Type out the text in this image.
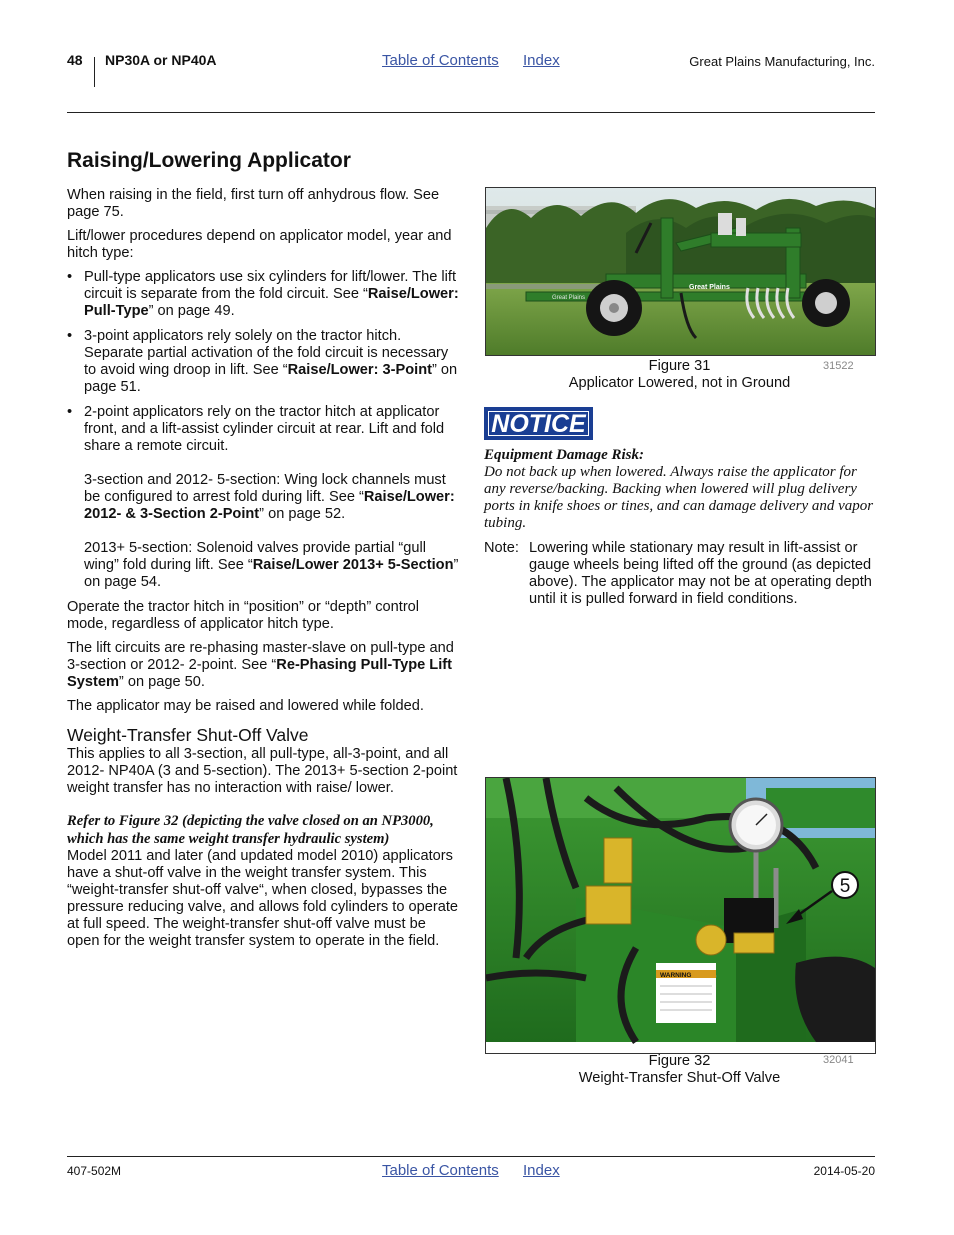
48 NP30A or NP40A	Table of Contents Index	Great Plains Manufacturing, Inc.
Raising/Lowering Applicator

When raising in the field, first turn off anhydrous flow. See page 75.

Lift/lower procedures depend on applicator model, year and hitch type:

• Pull-type applicators use six cylinders for lift/lower. The lift circuit is separate from the fold circuit. See “Raise/Lower: Pull-Type” on page 49.
• 3-point applicators rely solely on the tractor hitch. Separate partial activation of the fold circuit is necessary to avoid wing droop in lift. See “Raise/Lower: 3-Point” on page 51.
• 2-point applicators rely on the tractor hitch at applicator front, and a lift-assist cylinder circuit at rear. Lift and fold share a remote circuit.

3-section and 2012- 5-section: Wing lock channels must be configured to arrest fold during lift. See “Raise/Lower: 2012- & 3-Section 2-Point” on page 52.

2013+ 5-section: Solenoid valves provide partial “gull wing” fold during lift. See “Raise/Lower 2013+ 5-Section” on page 54.

Operate the tractor hitch in “position” or “depth” control mode, regardless of applicator hitch type.

The lift circuits are re-phasing master-slave on pull-type and 3-section or 2012- 2-point. See “Re-Phasing Pull-Type Lift System” on page 50.

The applicator may be raised and lowered while folded.

Weight-Transfer Shut-Off Valve

This applies to all 3-section, all pull-type, all-3-point, and all 2012- NP40A (3 and 5-section). The 2013+ 5-section 2-point weight transfer has no interaction with raise/ lower.

Refer to Figure 32 (depicting the valve closed on an NP3000, which has the same weight transfer hydraulic system)

Model 2011 and later (and updated model 2010) applicators have a shut-off valve in the weight transfer system. This “weight-transfer shut-off valve“, when closed, bypasses the pressure reducing valve, and allows fold cylinders to operate at full speed. The weight-transfer shut-off valve must be open for the weight transfer system to operate in the field.

Great Plains
Great Plains
Figure 31
Applicator Lowered, not in Ground
31522
NOTICE
Equipment Damage Risk:
Do not back up when lowered. Always raise the applicator for any reverse/backing. Backing when lowered will plug delivery ports in knife shoes or tines, and can damage delivery and vapor tubing.
Note: Lowering while stationary may result in lift-assist or gauge wheels being lifted off the ground (as depicted above). The applicator may not be at operating depth until it is pulled forward in field conditions.
WARNING
5
Figure 32
Weight-Transfer Shut-Off Valve
32041
407-502M	Table of Contents Index	2014-05-20
